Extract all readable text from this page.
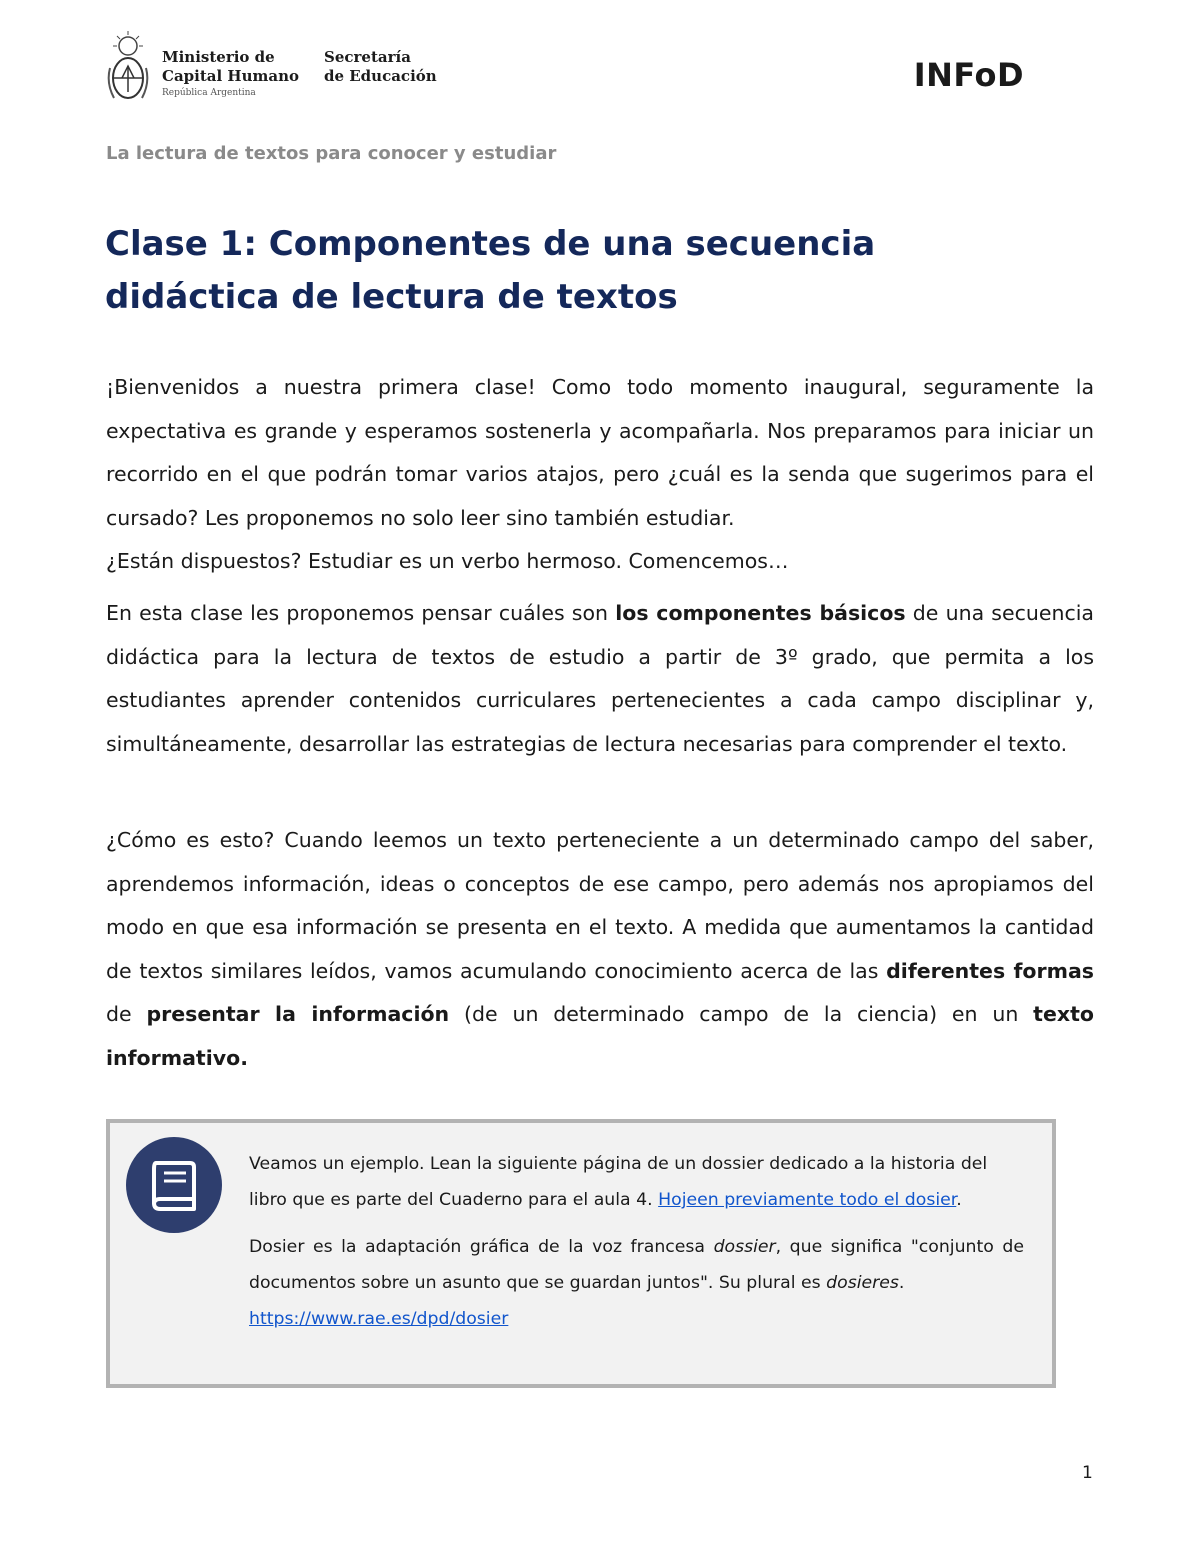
Ministerio de
Capital Humano
República Argentina
Secretaría
de Educación	INFoD
La lectura de textos para conocer y estudiar
Clase 1: Componentes de una secuencia
didáctica de lectura de textos
¡Bienvenidos a nuestra primera clase! Como todo momento inaugural, seguramente la expectativa es grande y esperamos sostenerla y acompañarla. Nos preparamos para iniciar un recorrido en el que podrán tomar varios atajos, pero ¿cuál es la senda que sugerimos para el cursado? Les proponemos no solo leer sino también estudiar.
¿Están dispuestos? Estudiar es un verbo hermoso. Comencemos…
En esta clase les proponemos pensar cuáles son los componentes básicos de una secuencia didáctica para la lectura de textos de estudio a partir de 3º grado, que permita a los estudiantes aprender contenidos curriculares pertenecientes a cada campo disciplinar y, simultáneamente, desarrollar las estrategias de lectura necesarias para comprender el texto.
¿Cómo es esto? Cuando leemos un texto perteneciente a un determinado campo del saber, aprendemos información, ideas o conceptos de ese campo, pero además nos apropiamos del modo en que esa información se presenta en el texto. A medida que aumentamos la cantidad de textos similares leídos, vamos acumulando conocimiento acerca de las diferentes formas de presentar la información (de un determinado campo de la ciencia) en un texto informativo.

Veamos un ejemplo. Lean la siguiente página de un dossier dedicado a la historia del libro que es parte del Cuaderno para el aula 4. Hojeen previamente todo el dosier.

Dosier es la adaptación gráfica de la voz francesa dossier, que significa "conjunto de documentos sobre un asunto que se guardan juntos". Su plural es dosieres.
https://www.rae.es/dpd/dosier

1
